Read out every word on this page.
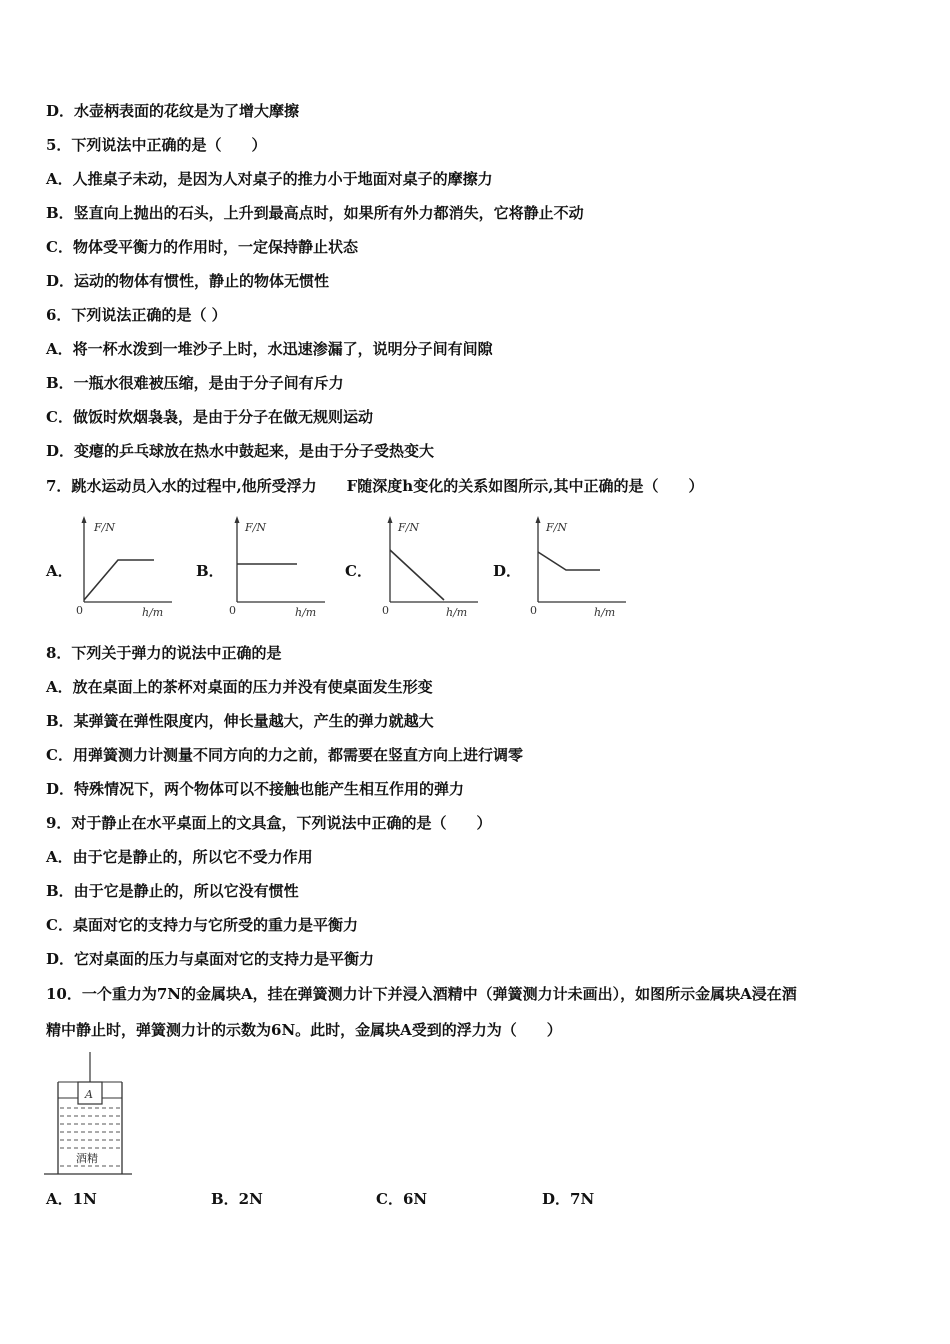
D．水壶柄表面的花纹是为了增大摩擦
5．下列说法中正确的是（　　）
A．人推桌子未动，是因为人对桌子的推力小于地面对桌子的摩擦力
B．竖直向上抛出的石头，上升到最高点时，如果所有外力都消失，它将静止不动
C．物体受平衡力的作用时，一定保持静止状态
D．运动的物体有惯性，静止的物体无惯性
6．下列说法正确的是（ ）
A．将一杯水泼到一堆沙子上时，水迅速渗漏了，说明分子间有间隙
B．一瓶水很难被压缩，是由于分子间有斥力
C．做饭时炊烟袅袅，是由于分子在做无规则运动
D．变瘪的乒乓球放在热水中鼓起来，是由于分子受热变大
7．跳水运动员入水的过程中,他所受浮力　　F随深度h变化的关系如图所示,其中正确的是（　　）
A．	B．	C．	D．
F/N
h/m
0
F/N
h/m
0
F/N
h/m
0
F/N
h/m
0
8．下列关于弹力的说法中正确的是
A．放在桌面上的茶杯对桌面的压力并没有使桌面发生形变
B．某弹簧在弹性限度内，伸长量越大，产生的弹力就越大
C．用弹簧测力计测量不同方向的力之前，都需要在竖直方向上进行调零
D．特殊情况下，两个物体可以不接触也能产生相互作用的弹力
9．对于静止在水平桌面上的文具盒，下列说法中正确的是（　　）
A．由于它是静止的，所以它不受力作用
B．由于它是静止的，所以它没有惯性
C．桌面对它的支持力与它所受的重力是平衡力
D．它对桌面的压力与桌面对它的支持力是平衡力
10．一个重力为7N的金属块A，挂在弹簧测力计下并浸入酒精中（弹簧测力计未画出），如图所示金属块A浸在酒
精中静止时，弹簧测力计的示数为6N。此时，金属块A受到的浮力为（　　）
A
酒精
A．1N	B．2N	C．6N	D．7N
